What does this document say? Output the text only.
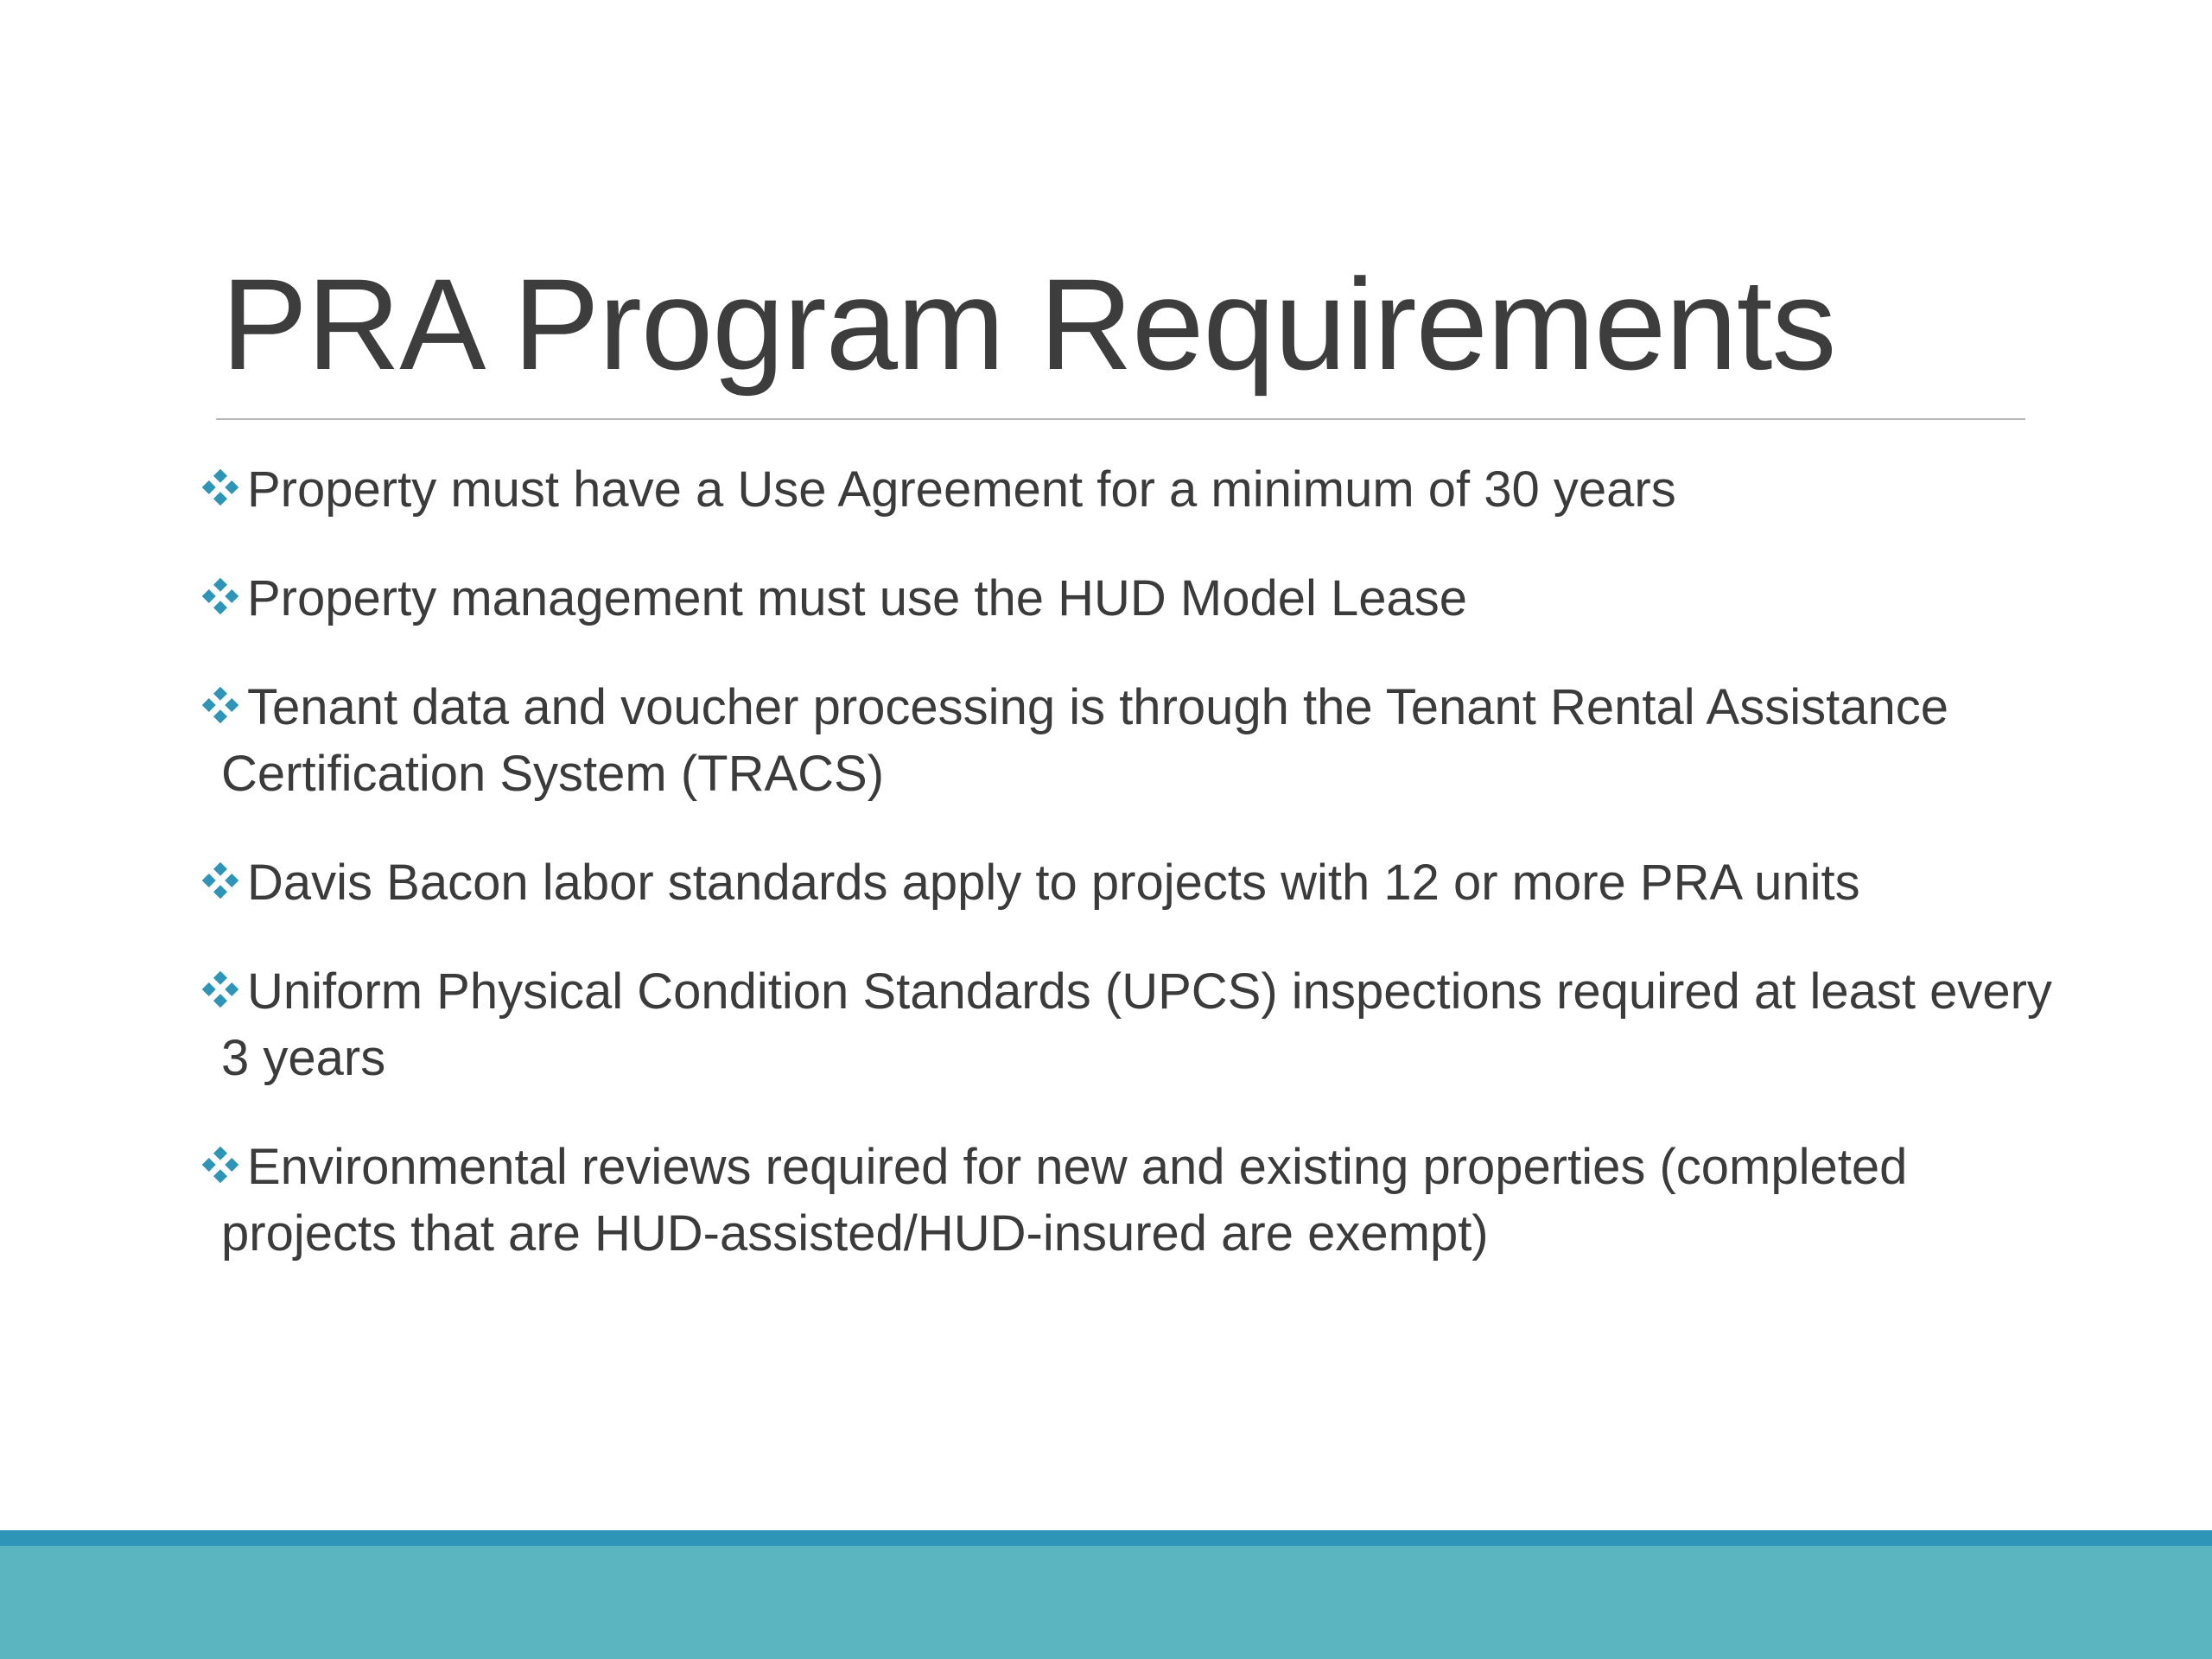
PRA Program Requirements
Property must have a Use Agreement for a minimum of 30 years
Property management must use the HUD Model Lease
Tenant data and voucher processing is through the Tenant Rental Assistance Certification System (TRACS)
Davis Bacon labor standards apply to projects with 12 or more PRA units
Uniform Physical Condition Standards (UPCS) inspections required at least every 3 years
Environmental reviews required for new and existing properties (completed projects that are HUD-assisted/HUD-insured are exempt)
